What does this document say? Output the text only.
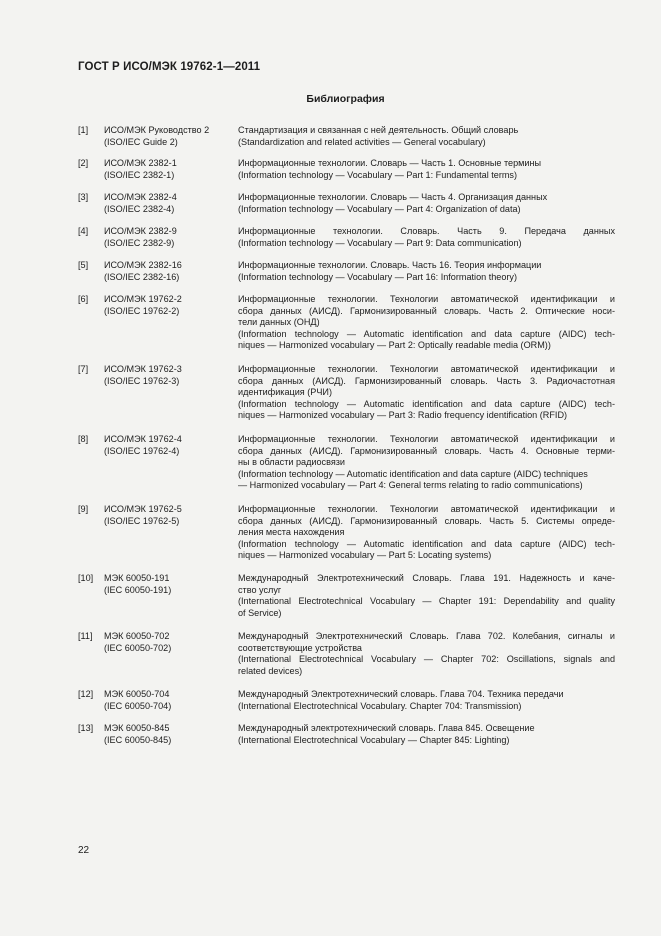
ГОСТ Р ИСО/МЭК 19762-1—2011
Библиография
[1] ИСО/МЭК Руководство 2
(ISO/IEC Guide 2)
Стандартизация и связанная с ней деятельность. Общий словарь
(Standardization and related activities — General vocabulary)
[2] ИСО/МЭК 2382-1
(ISO/IEC 2382-1)
Информационные технологии. Словарь — Часть 1. Основные термины
(Information technology — Vocabulary — Part 1: Fundamental terms)
[3] ИСО/МЭК 2382-4
(ISO/IEC 2382-4)
Информационные технологии. Словарь — Часть 4. Организация данных
(Information technology — Vocabulary — Part 4: Organization of data)
[4] ИСО/МЭК 2382-9
(ISO/IEC 2382-9)
Информационные технологии. Словарь. Часть 9. Передача данных
(Information technology — Vocabulary — Part 9: Data communication)
[5] ИСО/МЭК 2382-16
(ISO/IEC 2382-16)
Информационные технологии. Словарь. Часть 16. Теория информации
(Information technology — Vocabulary — Part 16: Information theory)
[6] ИСО/МЭК 19762-2
(ISO/IEC 19762-2)
Информационные технологии. Технологии автоматической идентификации и
сбора данных (АИСД). Гармонизированный словарь. Часть 2. Оптические носи-
тели данных (ОНД)
(Information technology — Automatic identification and data capture (AIDC) tech-
niques — Harmonized vocabulary — Part 2: Optically readable media (ORM))
[7] ИСО/МЭК 19762-3
(ISO/IEC 19762-3)
Информационные технологии. Технологии автоматической идентификации и
сбора данных (АИСД). Гармонизированный словарь. Часть 3. Радиочастотная
идентификация (РЧИ)
(Information technology — Automatic identification and data capture (AIDC) tech-
niques — Harmonized vocabulary — Part 3: Radio frequency identification (RFID)
[8] ИСО/МЭК 19762-4
(ISO/IEC 19762-4)
Информационные технологии. Технологии автоматической идентификации и
сбора данных (АИСД). Гармонизированный словарь. Часть 4. Основные терми-
ны в области радиосвязи
(Information technology — Automatic identification and data capture (AIDC) techniques
— Harmonized vocabulary — Part 4: General terms relating to radio communications)
[9] ИСО/МЭК 19762-5
(ISO/IEC 19762-5)
Информационные технологии. Технологии автоматической идентификации и
сбора данных (АИСД). Гармонизированный словарь. Часть 5. Системы опреде-
ления места нахождения
(Information technology — Automatic identification and data capture (AIDC) tech-
niques — Harmonized vocabulary — Part 5: Locating systems)
[10] МЭК 60050-191
(IEC 60050-191)
Международный Электротехнический Словарь. Глава 191. Надежность и каче-
ство услуг
(International Electrotechnical Vocabulary — Chapter 191: Dependability and quality
of Service)
[11] МЭК 60050-702
(IEC 60050-702)
Международный Электротехнический Словарь. Глава 702. Колебания, сигналы и
соответствующие устройства
(International Electrotechnical Vocabulary — Chapter 702: Oscillations, signals and
related devices)
[12] МЭК 60050-704
(IEC 60050-704)
Международный Электротехнический словарь. Глава 704. Техника передачи
(International Electrotechnical Vocabulary. Chapter 704: Transmission)
[13] МЭК 60050-845
(IEC 60050-845)
Международный электротехнический словарь. Глава 845. Освещение
(International Electrotechnical Vocabulary — Chapter 845: Lighting)
22
